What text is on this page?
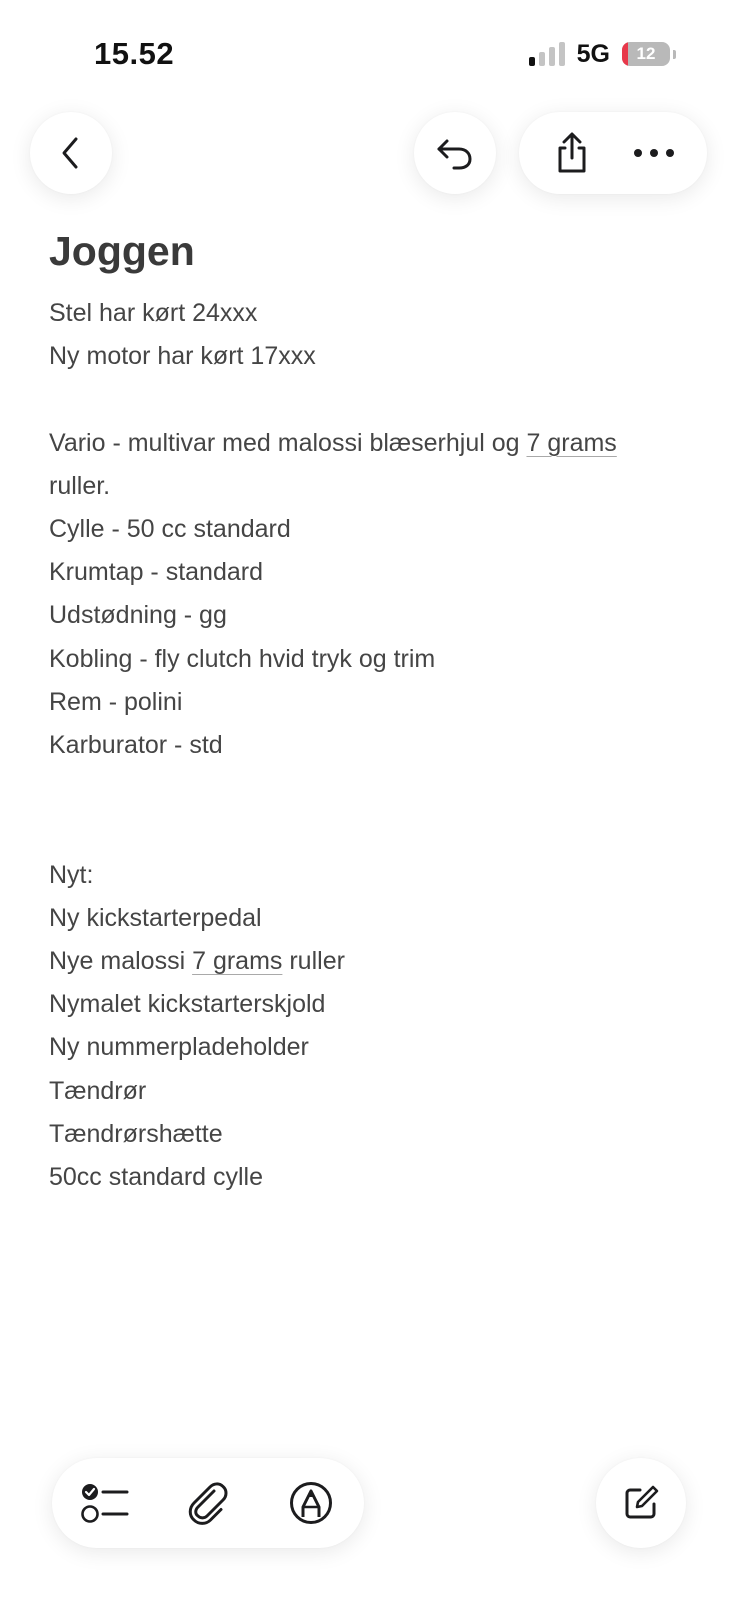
15.52	5G 12
Joggen
Stel har kørt 24xxx
Ny motor har kørt 17xxx
Vario - multivar med malossi blæserhjul og 7 grams
ruller.
Cylle - 50 cc standard
Krumtap - standard
Udstødning - gg
Kobling - fly clutch hvid tryk og trim
Rem - polini
Karburator - std
Nyt:
Ny kickstarterpedal
Nye malossi 7 grams ruller
Nymalet kickstarterskjold
Ny nummerpladeholder
Tændrør
Tændrørshætte
50cc standard cylle
